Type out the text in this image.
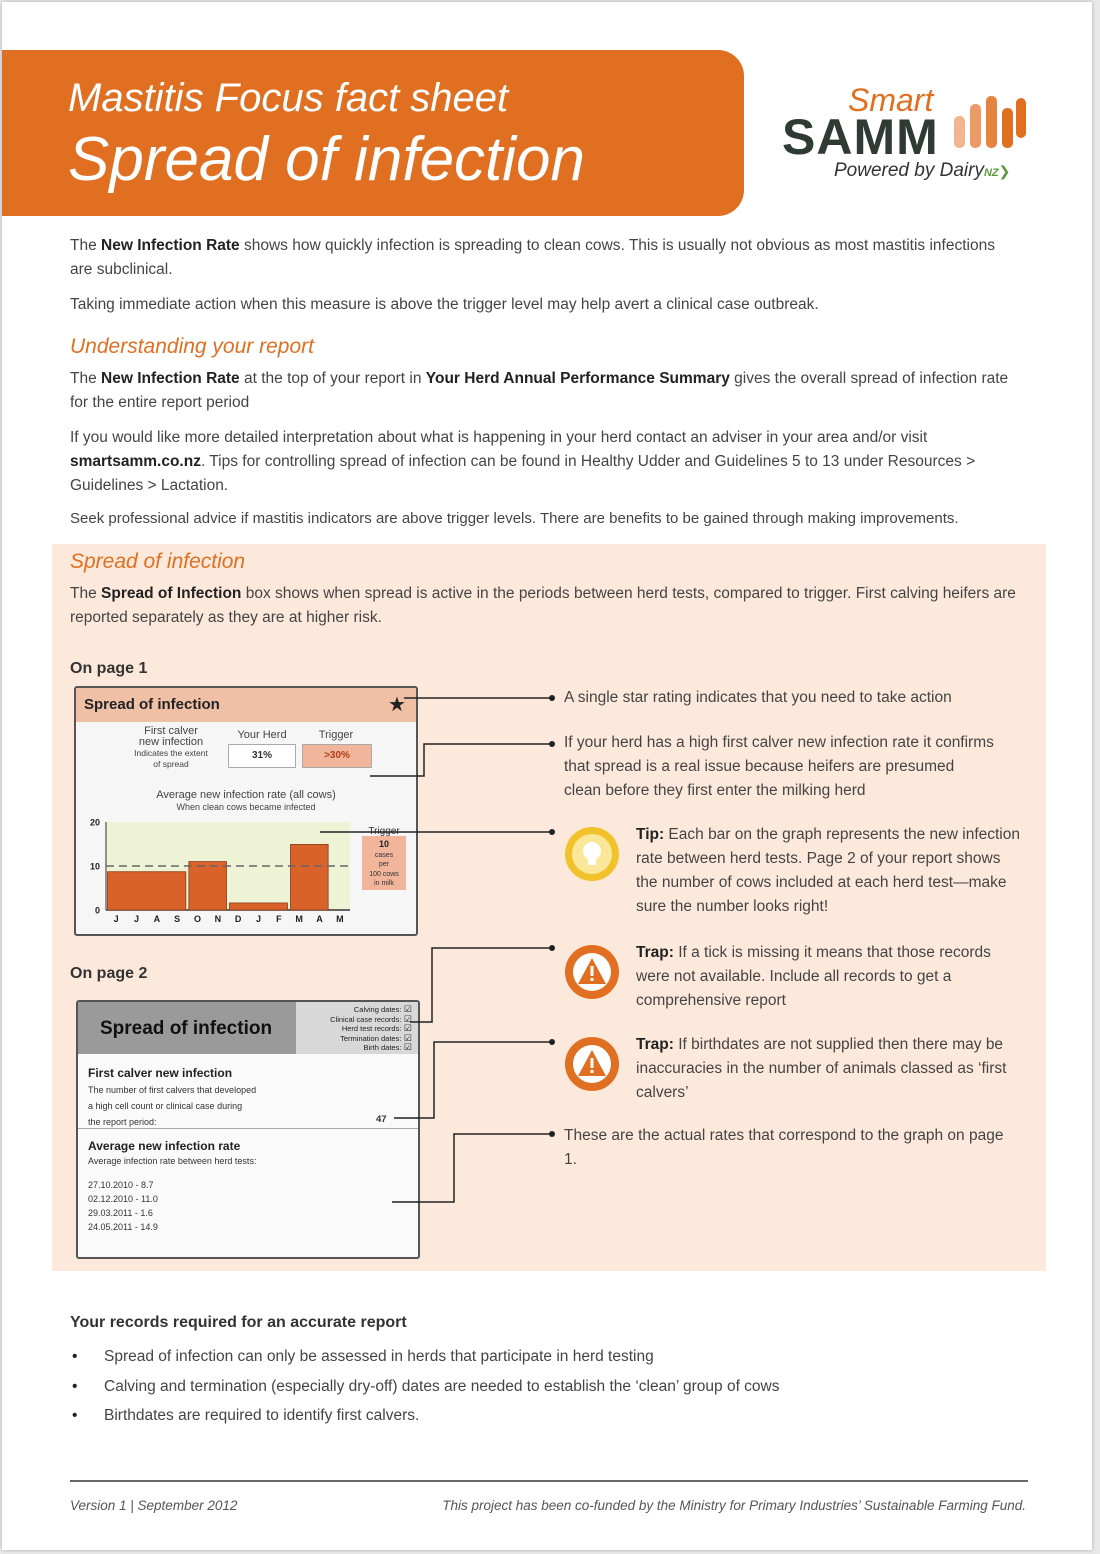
Mastitis Focus fact sheet
Spread of infection
Smart
SAMM
Powered by DairyNZ❯

The New Infection Rate shows how quickly infection is spreading to clean cows. This is usually not obvious as most mastitis infections are subclinical.

Taking immediate action when this measure is above the trigger level may help avert a clinical case outbreak.

Understanding your report

The New Infection Rate at the top of your report in Your Herd Annual Performance Summary gives the overall spread of infection rate for the entire report period

If you would like more detailed interpretation about what is happening in your herd contact an adviser in your area and/or visit smartsamm.co.nz. Tips for controlling spread of infection can be found in Healthy Udder and Guidelines 5 to 13 under Resources > Guidelines > Lactation.

Seek professional advice if mastitis indicators are above trigger levels. There are benefits to be gained through making improvements.

Spread of infection

The Spread of Infection box shows when spread is active in the periods between herd tests, compared to trigger. First calving heifers are reported separately as they are at higher risk.

On page 1
Spread of infection	★
First calver
new infection
Indicates the extent
of spread
Your Herd	Trigger
31%	>30%
Average new infection rate (all cows)
When clean cows became infected
0
10
20
J J A S O N D J F M A M
Trigger
10
cases
per
100 cows
in milk
On page 2
Spread of infection
Calving dates: ☑
Clinical case records: ☑
Herd test records: ☑
Termination dates: ☑
Birth dates: ☑
First calver new infection
The number of first calvers that developed
a high cell count or clinical case during
the report period:	47
Average new infection rate
Average infection rate between herd tests:
27.10.2010 - 8.7
02.12.2010 - 11.0
29.03.2011 - 1.6
24.05.2011 - 14.9

A single star rating indicates that you need to take action

If your herd has a high first calver new infection rate it confirms that spread is a real issue because heifers are presumed clean before they first enter the milking herd

Tip: Each bar on the graph represents the new infection rate between herd tests. Page 2 of your report shows the number of cows included at each herd test—make sure the number looks right!

Trap: If a tick is missing it means that those records were not available. Include all records to get a comprehensive report

Trap: If birthdates are not supplied then there may be inaccuracies in the number of animals classed as ‘first calvers’

These are the actual rates that correspond to the graph on page 1.

Your records required for an accurate report
• Spread of infection can only be assessed in herds that participate in herd testing
• Calving and termination (especially dry-off) dates are needed to establish the ‘clean’ group of cows
• Birthdates are required to identify first calvers.
Version 1 | September 2012	This project has been co-funded by the Ministry for Primary Industries’ Sustainable Farming Fund.
